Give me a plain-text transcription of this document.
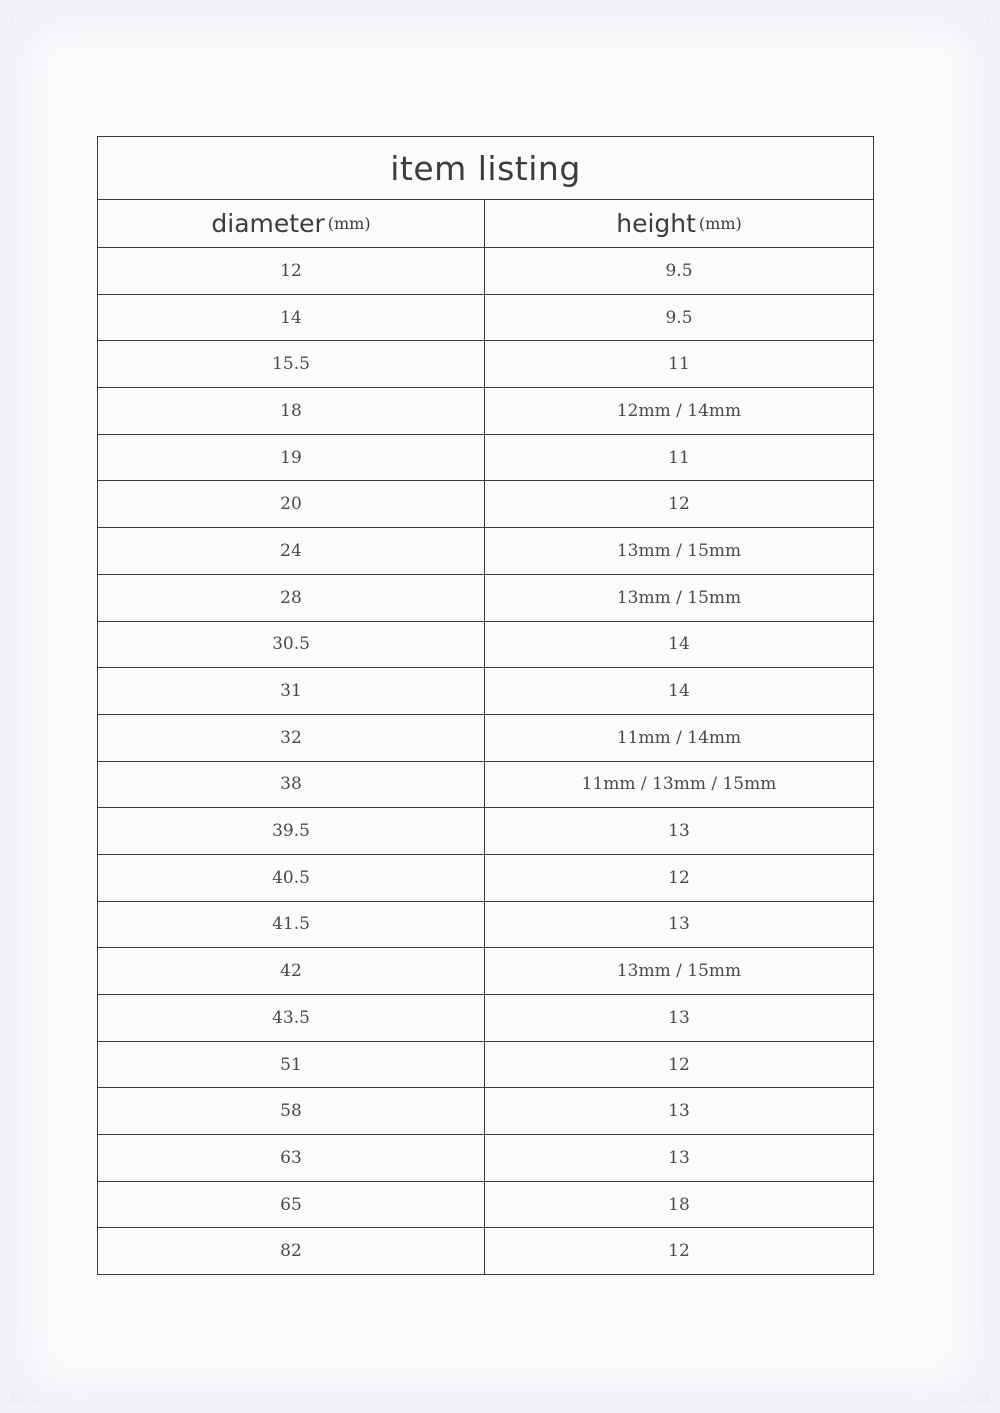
item listing
diameter (mm)	height (mm)
12	9.5
14	9.5
15.5	11
18	12mm / 14mm
19	11
20	12
24	13mm / 15mm
28	13mm / 15mm
30.5	14
31	14
32	11mm / 14mm
38	11mm / 13mm / 15mm
39.5	13
40.5	12
41.5	13
42	13mm / 15mm
43.5	13
51	12
58	13
63	13
65	18
82	12
